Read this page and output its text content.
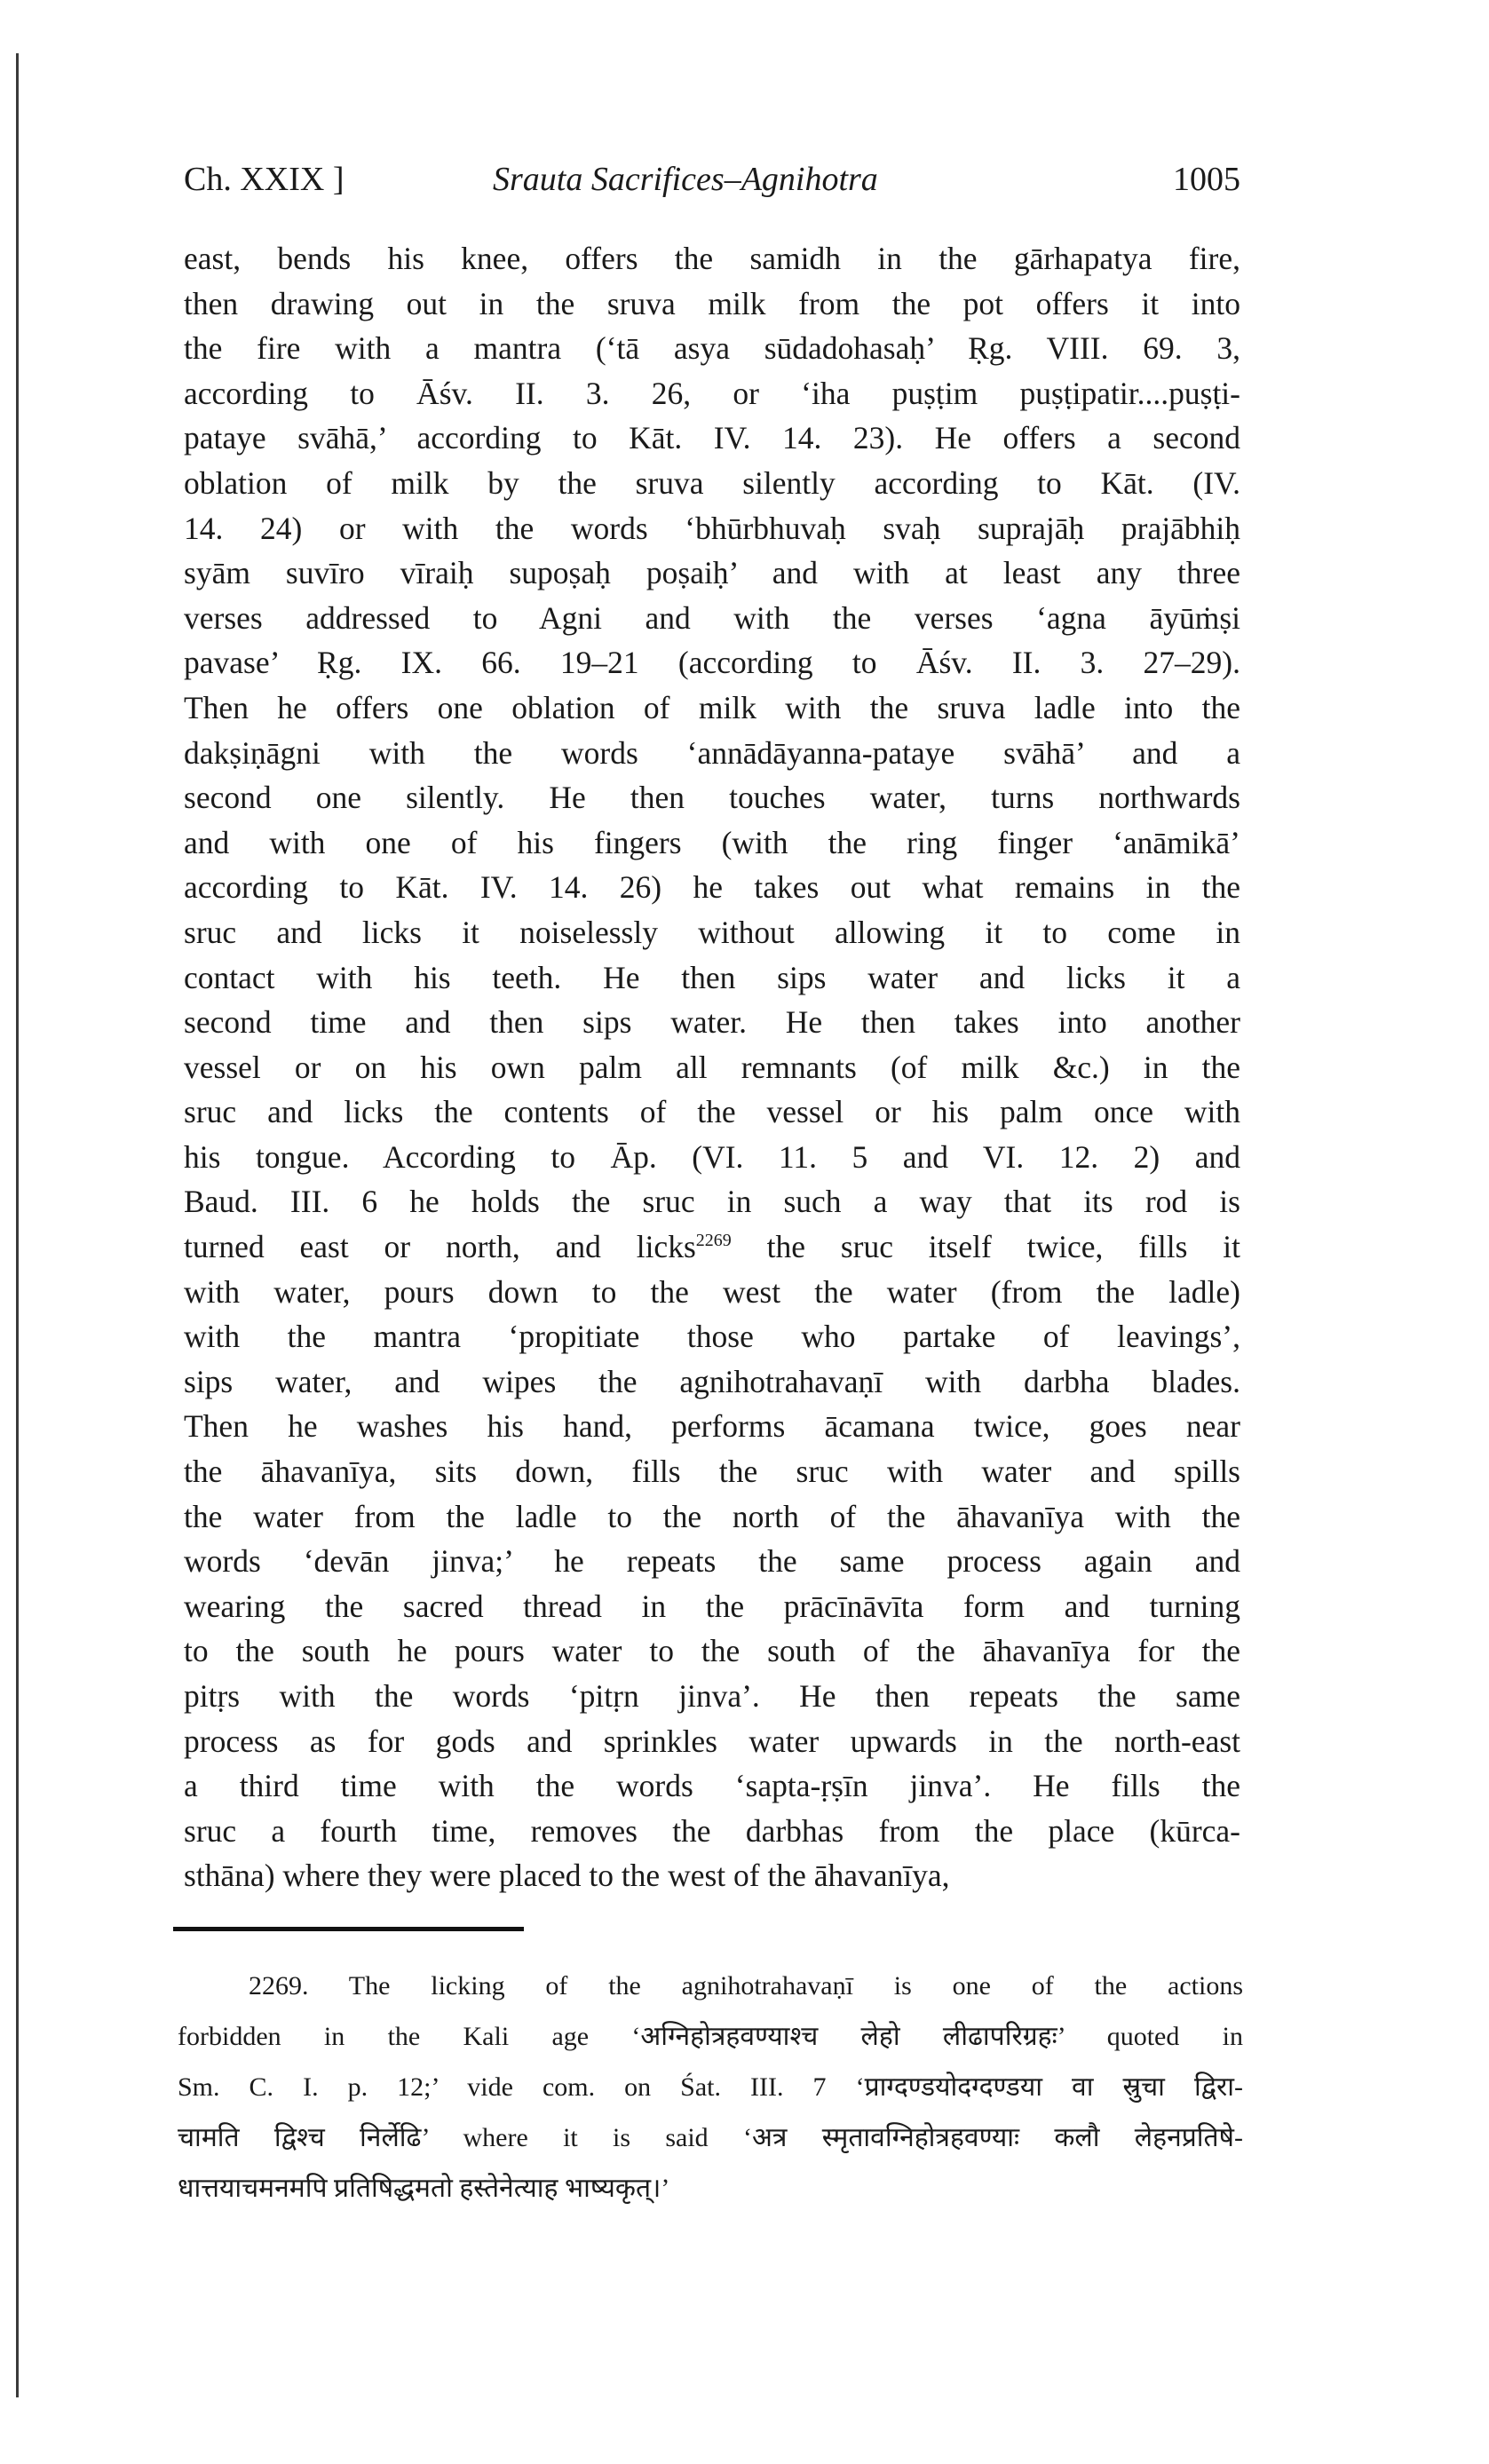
Ch. XXIX ]	Srauta Sacrifices–Agnihotra	1005
east, bends his knee, offers the samidh in the gārhapatya fire,
then drawing out in the sruva milk from the pot offers it into
the fire with a mantra (‘tā asya sūdadohasaḥ’ Ṛg. VIII. 69. 3,
according to Āśv. II. 3. 26, or ‘iha puṣṭim puṣṭipatir....puṣṭi-
pataye svāhā,’ according to Kāt. IV. 14. 23). He offers a second
oblation of milk by the sruva silently according to Kāt. (IV.
14. 24) or with the words ‘bhūrbhuvaḥ svaḥ suprajāḥ prajābhiḥ
syām suvīro vīraiḥ supoṣaḥ poṣaiḥ’ and with at least any three
verses addressed to Agni and with the verses ‘agna āyūṁṣi
pavase’ Ṛg. IX. 66. 19–21 (according to Āśv. II. 3. 27–29).
Then he offers one oblation of milk with the sruva ladle into the
dakṣiṇāgni with the words ‘annādāyanna-pataye svāhā’ and a
second one silently. He then touches water, turns northwards
and with one of his fingers (with the ring finger ‘anāmikā’
according to Kāt. IV. 14. 26) he takes out what remains in the
sruc and licks it noiselessly without allowing it to come in
contact with his teeth. He then sips water and licks it a
second time and then sips water. He then takes into another
vessel or on his own palm all remnants (of milk &c.) in the
sruc and licks the contents of the vessel or his palm once with
his tongue. According to Āp. (VI. 11. 5 and VI. 12. 2) and
Baud. III. 6 he holds the sruc in such a way that its rod is
turned east or north, and licks$^{2269}$ the sruc itself twice, fills it
with water, pours down to the west the water (from the ladle)
with the mantra ‘propitiate those who partake of leavings’,
sips water, and wipes the agnihotrahavaṇī with darbha blades.
Then he washes his hand, performs ācamana twice, goes near
the āhavanīya, sits down, fills the sruc with water and spills
the water from the ladle to the north of the āhavanīya with the
words ‘devān jinva;’ he repeats the same process again and
wearing the sacred thread in the prācīnāvīta form and turning
to the south he pours water to the south of the āhavanīya for the
pitṛs with the words ‘pitṛn jinva’. He then repeats the same
process as for gods and sprinkles water upwards in the north-east
a third time with the words ‘sapta-ṛṣīn jinva’. He fills the
sruc a fourth time, removes the darbhas from the place (kūrca-
sthāna) where they were placed to the west of the āhavanīya,
2269. The licking of the agnihotrahavaṇī is one of the actions
forbidden in the Kali age ‘अग्निहोत्रहवण्याश्च लेहो लीढापरिग्रहः’ quoted in
Sm. C. I. p. 12;’ vide com. on Śat. III. 7 ‘प्राग्दण्डयोदग्दण्डया वा स्रुचा द्विरा-
चामति द्विश्च निर्लेढि’ where it is said ‘अत्र स्मृतावग्निहोत्रहवण्याः कलौ लेहनप्रतिषे-
धात्तयाचमनमपि प्रतिषिद्धमतो हस्तेनेत्याह भाष्यकृत्।’
